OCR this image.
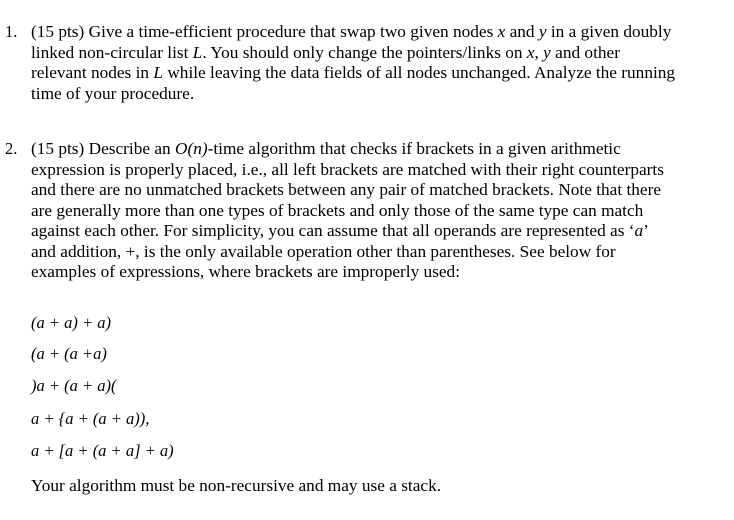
1. (15 pts) Give a time-efficient procedure that swap two given nodes x and y in a given doubly
linked non-circular list L. You should only change the pointers/links on x, y and other
relevant nodes in L while leaving the data fields of all nodes unchanged. Analyze the running
time of your procedure.
2. (15 pts) Describe an O(n)-time algorithm that checks if brackets in a given arithmetic
expression is properly placed, i.e., all left brackets are matched with their right counterparts
and there are no unmatched brackets between any pair of matched brackets. Note that there
are generally more than one types of brackets and only those of the same type can match
against each other. For simplicity, you can assume that all operands are represented as ‘a’
and addition, +, is the only available operation other than parentheses. See below for
examples of expressions, where brackets are improperly used:
(a + a) + a)
(a + (a +a)
)a + (a + a)(
a + {a + (a + a)),
a + [a + (a + a] + a)
Your algorithm must be non-recursive and may use a stack.
